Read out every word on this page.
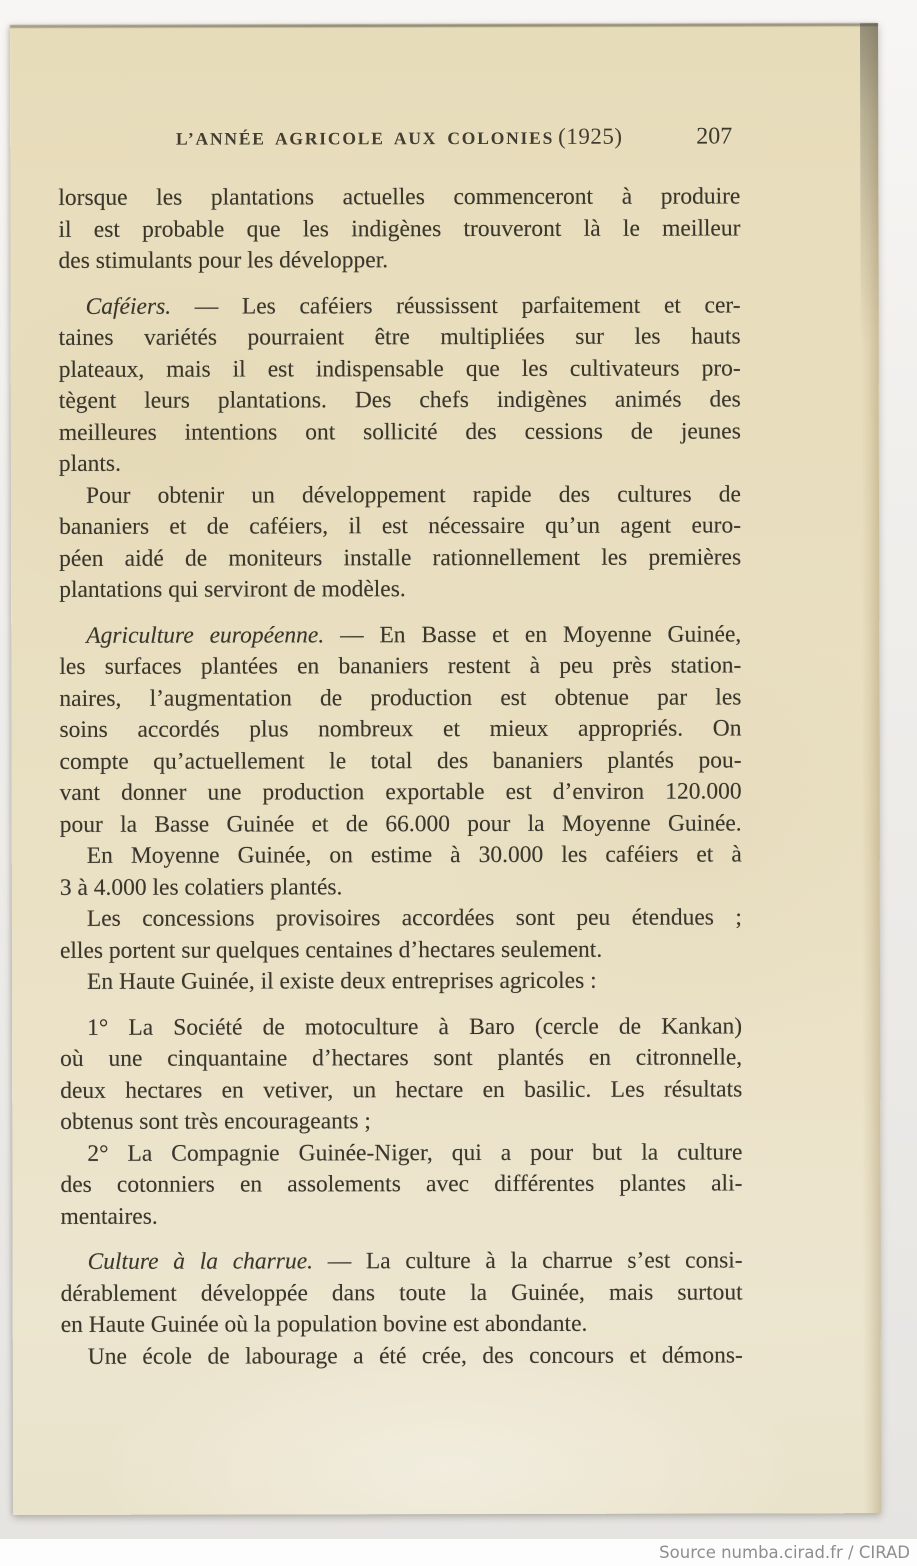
L’ANNÉE AGRICOLE AUX COLONIES (1925)	207
lorsque les plantations actuelles commenceront à produire
il est probable que les indigènes trouveront là le meilleur
des stimulants pour les développer.
Caféiers. — Les caféiers réussissent parfaitement et cer-
taines variétés pourraient être multipliées sur les hauts
plateaux, mais il est indispensable que les cultivateurs pro-
tègent leurs plantations. Des chefs indigènes animés des
meilleures intentions ont sollicité des cessions de jeunes
plants.
Pour obtenir un développement rapide des cultures de
bananiers et de caféiers, il est nécessaire qu’un agent euro-
péen aidé de moniteurs installe rationnellement les premières
plantations qui serviront de modèles.
Agriculture européenne. — En Basse et en Moyenne Guinée,
les surfaces plantées en bananiers restent à peu près station-
naires, l’augmentation de production est obtenue par les
soins accordés plus nombreux et mieux appropriés. On
compte qu’actuellement le total des bananiers plantés pou-
vant donner une production exportable est d’environ 120.000
pour la Basse Guinée et de 66.000 pour la Moyenne Guinée.
En Moyenne Guinée, on estime à 30.000 les caféiers et à
3 à 4.000 les colatiers plantés.
Les concessions provisoires accordées sont peu étendues ;
elles portent sur quelques centaines d’hectares seulement.
En Haute Guinée, il existe deux entreprises agricoles :
1° La Société de motoculture à Baro (cercle de Kankan)
où une cinquantaine d’hectares sont plantés en citronnelle,
deux hectares en vetiver, un hectare en basilic. Les résultats
obtenus sont très encourageants ;
2° La Compagnie Guinée-Niger, qui a pour but la culture
des cotonniers en assolements avec différentes plantes ali-
mentaires.
Culture à la charrue. — La culture à la charrue s’est consi-
dérablement développée dans toute la Guinée, mais surtout
en Haute Guinée où la population bovine est abondante.
Une école de labourage a été crée, des concours et démons-
Source numba.cirad.fr / CIRAD
